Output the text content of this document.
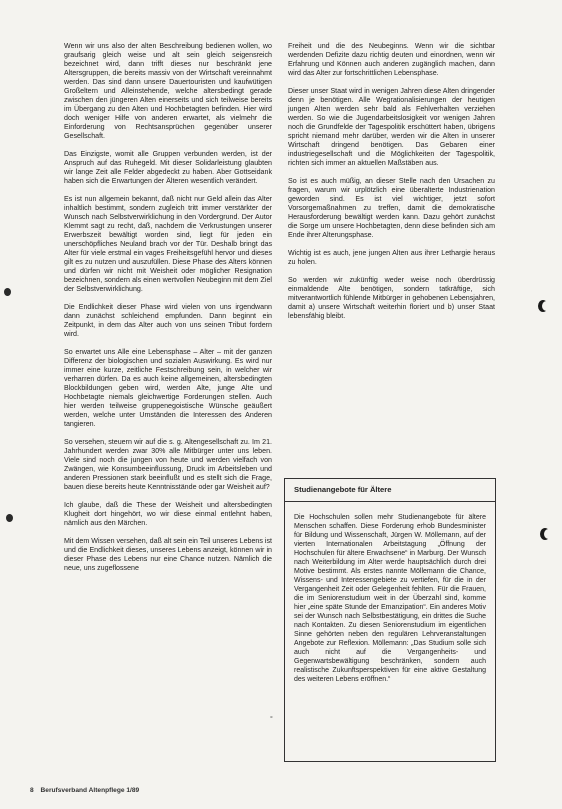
Wenn wir uns also der alten Beschreibung bedienen wollen, wo graufsarig gleich weise und alt sein gleich seigensreich bezeichnet wird, dann trifft dieses nur beschränkt jene Altersgruppen, die bereits massiv von der Wirtschaft vereinnahmt werden. Das sind dann unsere Dauertouristen und kaufwütigen Großeltern und Alleinstehende, welche altersbedingt gerade zwischen den jüngeren Alten einerseits und sich teilweise bereits im Übergang zu den Alten und Hochbetagten befinden. Hier wird doch weniger Hilfe von anderen erwartet, als vielmehr die Einforderung von Rechtsansprüchen gegenüber unserer Gesellschaft.

Das Einzigste, womit alle Gruppen verbunden werden, ist der Anspruch auf das Ruhegeld. Mit dieser Solidarleistung glaubten wir lange Zeit alle Felder abgedeckt zu haben. Aber Gottseidank haben sich die Erwartungen der Älteren wesentlich verändert.

Es ist nun allgemein bekannt, daß nicht nur Geld allein das Alter inhaltlich bestimmt, sondern zugleich tritt immer verstärkter der Wunsch nach Selbstverwirklichung in den Vordergrund. Der Autor Klemmt sagt zu recht, daß, nachdem die Verkrustungen unserer Erwerbszeit bewältigt worden sind, liegt für jeden ein unerschöpfliches Neuland brach vor der Tür. Deshalb bringt das Alter für viele erstmal ein vages Freiheitsgefühl hervor und dieses gilt es zu nutzen und auszufüllen. Diese Phase des Alters können und dürfen wir nicht mit Weisheit oder möglicher Resignation bezeichnen, sondern als einen wertvollen Neubeginn mit dem Ziel der Selbstverwirklichung.

Die Endlichkeit dieser Phase wird vielen von uns irgendwann dann zunächst schleichend empfunden. Dann beginnt ein Zeitpunkt, in dem das Alter auch von uns seinen Tribut fordern wird.

So erwartet uns Alle eine Lebensphase – Alter – mit der ganzen Differenz der biologischen und sozialen Auswirkung. Es wird nur immer eine kurze, zeitliche Festschreibung sein, in welcher wir verharren dürfen. Da es auch keine allgemeinen, altersbedingten Blockbildungen geben wird, werden Alte, junge Alte und Hochbetagte niemals gleichwertige Forderungen stellen. Auch hier werden teilweise gruppenegoistische Wünsche geäußert werden, welche unter Umständen die Interessen des Anderen tangieren.

So versehen, steuern wir auf die s. g. Altengesellschaft zu. Im 21. Jahrhundert werden zwar 30% alle Mitbürger unter uns leben. Viele sind noch die jungen von heute und werden vielfach von Zwängen, wie Konsumbeeinflussung, Druck im Arbeitsleben und anderen Pressionen stark beeinflußt und es stellt sich die Frage, bauen diese bereits heute Kenntnisstände oder gar Weisheit auf?

Ich glaube, daß die These der Weisheit und altersbedingten Klugheit dort hingehört, wo wir diese einmal entlehnt haben, nämlich aus den Märchen.

Mit dem Wissen versehen, daß alt sein ein Teil unseres Lebens ist und die Endlichkeit dieses, unseres Lebens anzeigt, können wir in dieser Phase des Lebens nur eine Chance nutzen. Nämlich die neue, uns zugeflossene

Freiheit und die des Neubeginns. Wenn wir die sichtbar werdenden Defizite dazu richtig deuten und einordnen, wenn wir Erfahrung und Können auch anderen zugänglich machen, dann wird das Alter zur fortschrittlichen Lebensphase.

Dieser unser Staat wird in wenigen Jahren diese Alten dringender denn je benötigen. Alle Wegrationalisierungen der heutigen jungen Alten werden sehr bald als Fehlverhalten verziehen werden. So wie die Jugendarbeitslosigkeit vor wenigen Jahren noch die Grundfelde der Tagespolitik erschüttert haben, übrigens spricht niemand mehr darüber, werden wir die Alten in unserer Wirtschaft dringend benötigen. Das Gebaren einer industriegesellschaft und die Möglichkeiten der Tagespolitik, richten sich immer an aktuellen Maßstäben aus.

So ist es auch müßig, an dieser Stelle nach den Ursachen zu fragen, warum wir urplötzlich eine überalterte Industrienation geworden sind. Es ist viel wichtiger, jetzt sofort Vorsorgemaßnahmen zu treffen, damit die demokratische Herausforderung bewältigt werden kann. Dazu gehört zunächst die Sorge um unsere Hochbetagten, denn diese befinden sich am Ende ihrer Alterungsphase.

Wichtig ist es auch, jene jungen Alten aus ihrer Lethargie heraus zu holen.

So werden wir zukünftig weder weise noch überdrüssig einmaldende Alte benötigen, sondern tatkräftige, sich mitverantwortlich fühlende Mitbürger in gehobenen Lebensjahren, damit a) unsere Wirtschaft weiterhin floriert und b) unser Staat lebensfähig bleibt.

Studienangebote für Ältere

Die Hochschulen sollen mehr Studienangebote für ältere Menschen schaffen. Diese Forderung erhob Bundesminister für Bildung und Wissenschaft, Jürgen W. Möllemann, auf der vierten Internationalen Arbeitstagung „Öffnung der Hochschulen für ältere Erwachsene“ in Marburg. Der Wunsch nach Weiterbildung im Alter werde hauptsächlich durch drei Motive bestimmt. Als erstes nannte Möllemann die Chance, Wissens- und Interessengebiete zu vertiefen, für die in der Vergangenheit Zeit oder Gelegenheit fehlten. Für die Frauen, die im Seniorenstudium weit in der Überzahl sind, komme hier „eine späte Stunde der Emanzipation“. Ein anderes Motiv sei der Wunsch nach Selbstbestätigung, ein drittes die Suche nach Kontakten. Zu diesen Seniorenstudium im eigentlichen Sinne gehörten neben den regulären Lehrveranstaltungen Angebote zur Reflexion. Möllemann: „Das Studium solle sich auch nicht auf die Vergangenheits- und Gegenwartsbewältigung beschränken, sondern auch realistische Zukunftsperspektiven für eine aktive Gestaltung des weiteren Lebens eröffnen.“

°
8 Berufsverband Altenpflege 1/89
